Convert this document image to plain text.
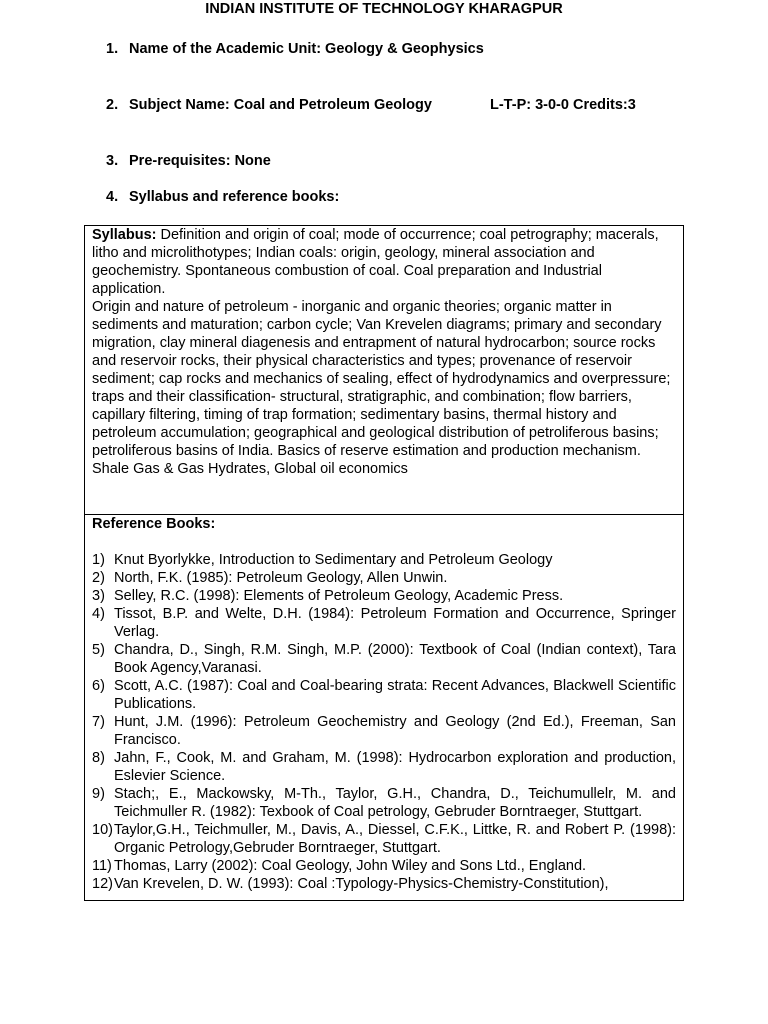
INDIAN INSTITUTE OF TECHNOLOGY KHARAGPUR
1. Name of the Academic Unit: Geology & Geophysics
2. Subject Name: Coal and Petroleum Geology	L-T-P: 3-0-0 Credits:3
3. Pre-requisites: None
4. Syllabus and reference books:

Syllabus: Definition and origin of coal; mode of occurrence; coal petrography; macerals, litho and microlithotypes; Indian coals: origin, geology, mineral association and geochemistry. Spontaneous combustion of coal. Coal preparation and Industrial application.

Origin and nature of petroleum - inorganic and organic theories; organic matter in sediments and maturation; carbon cycle; Van Krevelen diagrams; primary and secondary migration, clay mineral diagenesis and entrapment of natural hydrocarbon; source rocks and reservoir rocks, their physical characteristics and types; provenance of reservoir sediment; cap rocks and mechanics of sealing, effect of hydrodynamics and overpressure; traps and their classification- structural, stratigraphic, and combination; flow barriers, capillary filtering, timing of trap formation; sedimentary basins, thermal history and petroleum accumulation; geographical and geological distribution of petroliferous basins; petroliferous basins of India. Basics of reserve estimation and production mechanism. Shale Gas & Gas Hydrates, Global oil economics

Reference Books:

1) Knut Byorlykke, Introduction to Sedimentary and Petroleum Geology
2) North, F.K. (1985): Petroleum Geology, Allen Unwin.
3) Selley, R.C. (1998): Elements of Petroleum Geology, Academic Press.
4) Tissot, B.P. and Welte, D.H. (1984): Petroleum Formation and Occurrence, Springer Verlag.
5) Chandra, D., Singh, R.M. Singh, M.P. (2000): Textbook of Coal (Indian context), Tara Book Agency,Varanasi.
6) Scott, A.C. (1987): Coal and Coal-bearing strata: Recent Advances, Blackwell Scientific Publications.
7) Hunt, J.M. (1996): Petroleum Geochemistry and Geology (2nd Ed.), Freeman, San Francisco.
8) Jahn, F., Cook, M. and Graham, M. (1998): Hydrocarbon exploration and production, Eslevier Science.
9) Stach;, E., Mackowsky, M-Th., Taylor, G.H., Chandra, D., Teichumullelr, M. and Teichmuller R. (1982): Texbook of Coal petrology, Gebruder Borntraeger, Stuttgart.
10) Taylor,G.H., Teichmuller, M., Davis, A., Diessel, C.F.K., Littke, R. and Robert P. (1998): Organic Petrology,Gebruder Borntraeger, Stuttgart.
11) Thomas, Larry (2002): Coal Geology, John Wiley and Sons Ltd., England.
12) Van Krevelen, D. W. (1993): Coal :Typology-Physics-Chemistry-Constitution),
